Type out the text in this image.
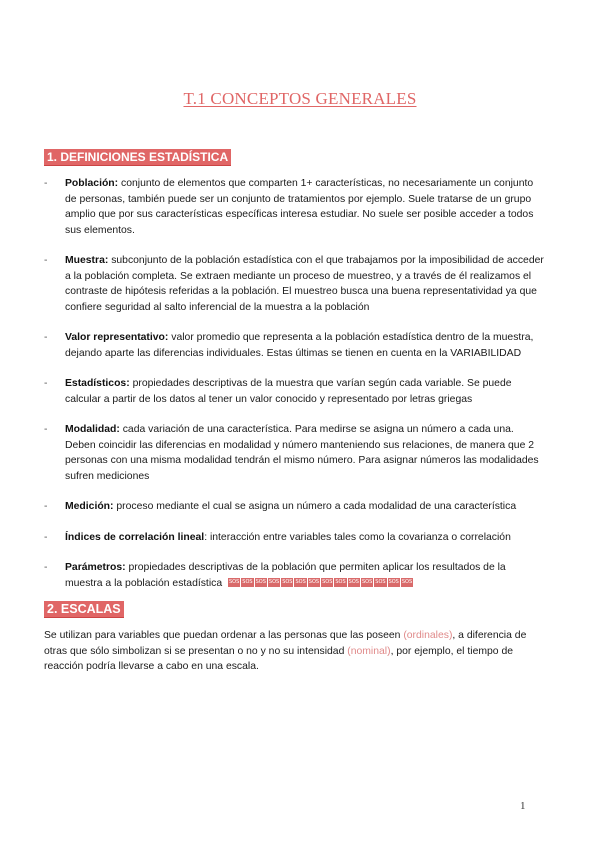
T.1 CONCEPTOS GENERALES
1. DEFINICIONES ESTADÍSTICA
- Población: conjunto de elementos que comparten 1+ características, no necesariamente un conjunto de personas, también puede ser un conjunto de tratamientos por ejemplo. Suele tratarse de un grupo amplio que por sus características específicas interesa estudiar. No suele ser posible acceder a todos sus elementos.
- Muestra: subconjunto de la población estadística con el que trabajamos por la imposibilidad de acceder a la población completa. Se extraen mediante un proceso de muestreo, y a través de él realizamos el contraste de hipótesis referidas a la población. El muestreo busca una buena representatividad ya que confiere seguridad al salto inferencial de la muestra a la población
- Valor representativo: valor promedio que representa a la población estadística dentro de la muestra, dejando aparte las diferencias individuales. Estas últimas se tienen en cuenta en la VARIABILIDAD
- Estadísticos: propiedades descriptivas de la muestra que varían según cada variable. Se puede calcular a partir de los datos al tener un valor conocido y representado por letras griegas
- Modalidad: cada variación de una característica. Para medirse se asigna un número a cada una. Deben coincidir las diferencias en modalidad y número manteniendo sus relaciones, de manera que 2 personas con una misma modalidad tendrán el mismo número. Para asignar números las modalidades sufren mediciones
- Medición: proceso mediante el cual se asigna un número a cada modalidad de una característica
- Índices de correlación lineal: interacción entre variables tales como la covarianza o correlación
- Parámetros: propiedades descriptivas de la población que permiten aplicar los resultados de la muestra a la población estadística SOS SOS SOS SOS SOS SOS SOS SOS SOS SOS SOS SOS SOS SOS
2. ESCALAS
Se utilizan para variables que puedan ordenar a las personas que las poseen (ordinales), a diferencia de otras que sólo simbolizan si se presentan o no y no su intensidad (nominal), por ejemplo, el tiempo de reacción podría llevarse a cabo en una escala.
1
